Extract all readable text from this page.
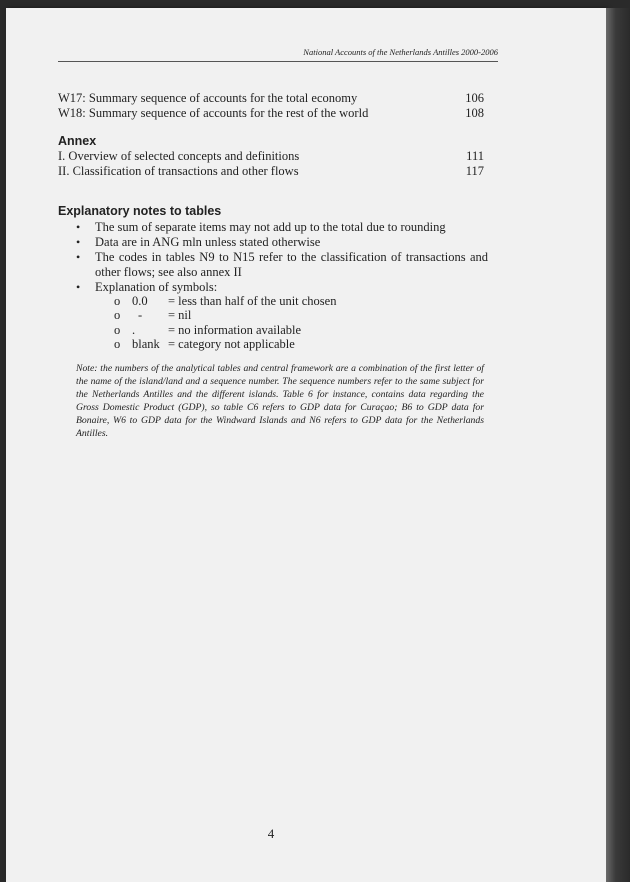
National Accounts of the Netherlands Antilles 2000-2006
W17: Summary sequence of accounts for the total economy	106
W18: Summary sequence of accounts for the rest of the world	108
Annex
I. Overview of selected concepts and definitions	111
II. Classification of transactions and other flows	117
Explanatory notes to tables
• The sum of separate items may not add up to the total due to rounding
• Data are in ANG mln unless stated otherwise
• The codes in tables N9 to N15 refer to the classification of transactions and other flows; see also annex II
• Explanation of symbols:
o 0.0	= less than half of the unit chosen
o	-	= nil
o .	= no information available
o blank = category not applicable
Note: the numbers of the analytical tables and central framework are a combination of the first letter of the name of the island/land and a sequence number. The sequence numbers refer to the same subject for the Netherlands Antilles and the different islands. Table 6 for instance, contains data regarding the Gross Domestic Product (GDP), so table C6 refers to GDP data for Curaçao; B6 to GDP data for Bonaire, W6 to GDP data for the Windward Islands and N6 refers to GDP data for the Netherlands Antilles.
4
